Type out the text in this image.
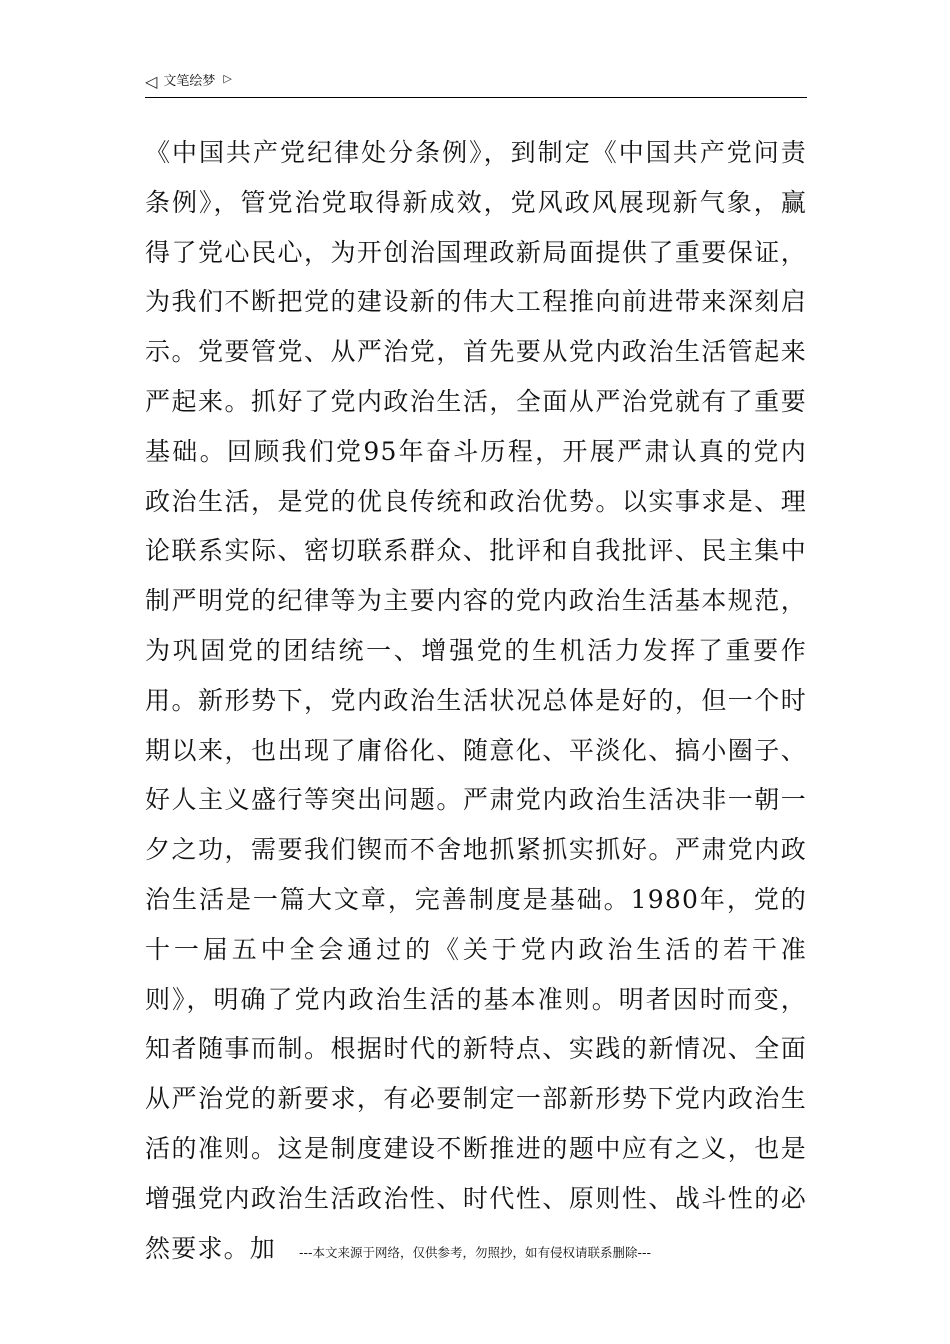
◁ 文笔绘梦 ▷

《中国共产党纪律处分条例》，到制定《中国共产党问责条例》，管党治党取得新成效，党风政风展现新气象，赢得了党心民心，为开创治国理政新局面提供了重要保证，为我们不断把党的建设新的伟大工程推向前进带来深刻启示。党要管党、从严治党，首先要从党内政治生活管起来严起来。抓好了党内政治生活，全面从严治党就有了重要基础。回顾我们党95年奋斗历程，开展严肃认真的党内政治生活，是党的优良传统和政治优势。以实事求是、理论联系实际、密切联系群众、批评和自我批评、民主集中制严明党的纪律等为主要内容的党内政治生活基本规范，为巩固党的团结统一、增强党的生机活力发挥了重要作用。新形势下，党内政治生活状况总体是好的，但一个时期以来，也出现了庸俗化、随意化、平淡化、搞小圈子、好人主义盛行等突出问题。严肃党内政治生活决非一朝一夕之功，需要我们锲而不舍地抓紧抓实抓好。严肃党内政治生活是一篇大文章，完善制度是基础。1980年，党的十一届五中全会通过的《关于党内政治生活的若干准则》，明确了党内政治生活的基本准则。明者因时而变，知者随事而制。根据时代的新特点、实践的新情况、全面从严治党的新要求，有必要制定一部新形势下党内政治生活的准则。这是制度建设不断推进的题中应有之义，也是增强党内政治生活政治性、时代性、原则性、战斗性的必然要求。加	---本文来源于网络，仅供参考，勿照抄，如有侵权请联系删除---
